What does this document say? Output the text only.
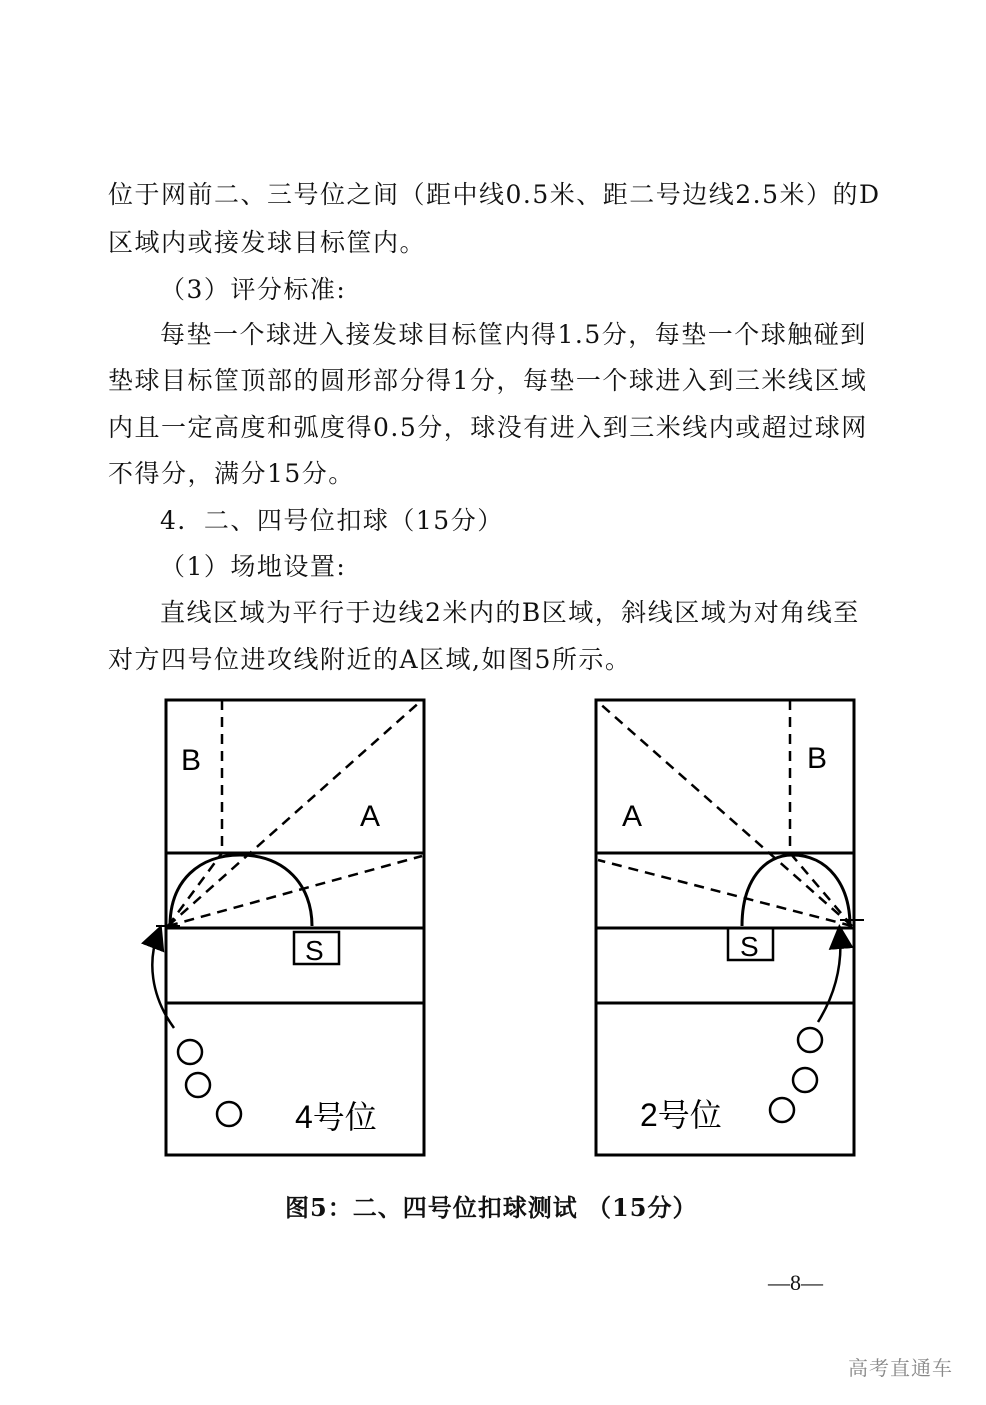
位于网前二、三号位之间（距中线0.5米、距二号边线2.5米）的D
区域内或接发球目标筐内。
（3）评分标准:
每垫一个球进入接发球目标筐内得1.5分，每垫一个球触碰到
垫球目标筐顶部的圆形部分得1分，每垫一个球进入到三米线区域
内且一定高度和弧度得0.5分，球没有进入到三米线内或超过球网
不得分，满分15分。
4．二、四号位扣球（15分）
（1）场地设置:
直线区域为平行于边线2米内的B区域，斜线区域为对角线至
对方四号位进攻线附近的A区域,如图5所示。
B
A
S
4号位
B
A
S
2号位
图5：二、四号位扣球测试 （15分）
—8—
高考直通车
